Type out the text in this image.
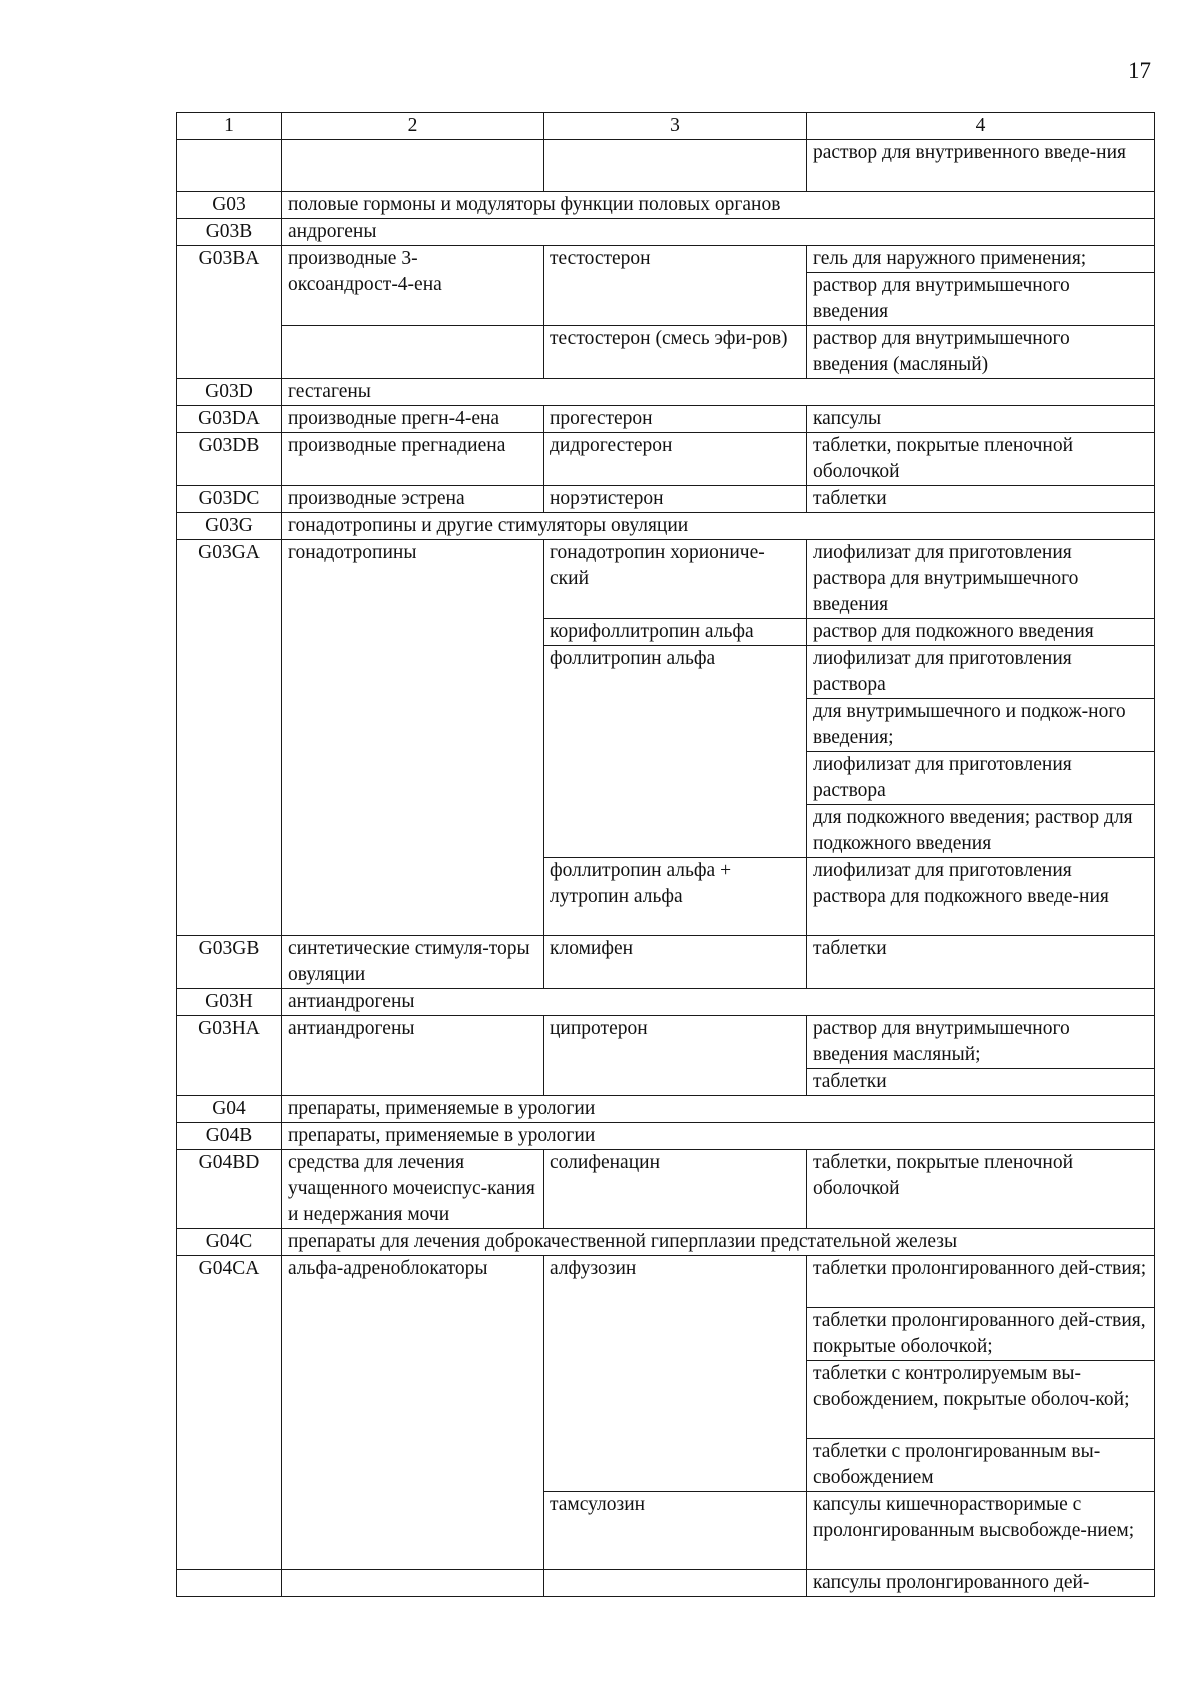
17
1	2	3	4
			раствор для внутривенного введе-ния
G03	половые гормоны и модуляторы функции половых органов		
G03B	андрогены		
G03BA	производные 3-оксоандрост-4-ена	тестостерон	гель для наружного применения;
			раствор для внутримышечного введения
		тестостерон (смесь эфи-ров)	раствор для внутримышечного введения (масляный)
G03D	гестагены		
G03DA	производные прегн-4-ена	прогестерон	капсулы
G03DB	производные прегнадиена	дидрогестерон	таблетки, покрытые пленочной оболочкой
G03DC	производные эстрена	норэтистерон	таблетки
G03G	гонадотропины и другие стимуляторы овуляции		
G03GA	гонадотропины	гонадотропин хориониче-ский	лиофилизат для приготовления раствора для внутримышечного введения
		корифоллитропин альфа	раствор для подкожного введения
		фоллитропин альфа	лиофилизат для приготовления раствора
			для внутримышечного и подкож-ного введения;
			лиофилизат для приготовления раствора
			для подкожного введения; раствор для подкожного введения
		фоллитропин альфа + лутропин альфа	лиофилизат для приготовления раствора для подкожного введе-ния
G03GB	синтетические стимуля-торы овуляции	кломифен	таблетки
G03H	антиандрогены		
G03HA	антиандрогены	ципротерон	раствор для внутримышечного введения масляный;
			таблетки
G04	препараты, применяемые в урологии		
G04B	препараты, применяемые в урологии		
G04BD	средства для лечения учащенного мочеиспус-кания и недержания мочи	солифенацин	таблетки, покрытые пленочной оболочкой
G04C	препараты для лечения доброкачественной гиперплазии предстательной железы		
G04CA	альфа-адреноблокаторы	алфузозин	таблетки пролонгированного дей-ствия;
			таблетки пролонгированного дей-ствия, покрытые оболочкой;
			таблетки с контролируемым вы-свобождением, покрытые оболоч-кой;
			таблетки с пролонгированным вы-свобождением
		тамсулозин	капсулы кишечнорастворимые с пролонгированным высвобожде-нием;
			капсулы пролонгированного дей-
